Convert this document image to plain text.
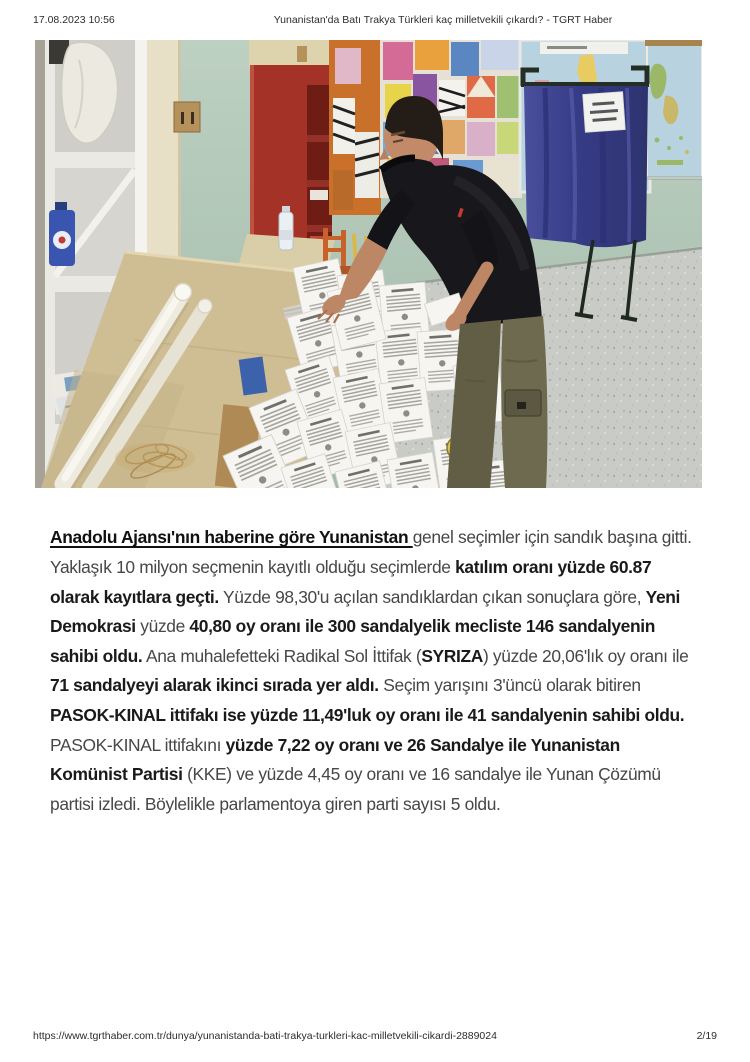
17.08.2023 10:56	Yunanistan'da Batı Trakya Türkleri kaç milletvekili çıkardı? - TGRT Haber

Anadolu Ajansı'nın haberine göre Yunanistan genel seçimler için sandık başına gitti. Yaklaşık 10 milyon seçmenin kayıtlı olduğu seçimlerde katılım oranı yüzde 60.87 olarak kayıtlara geçti. Yüzde 98,30'u açılan sandıklardan çıkan sonuçlara göre, Yeni Demokrasi yüzde 40,80 oy oranı ile 300 sandalyelik mecliste 146 sandalyenin sahibi oldu. Ana muhalefetteki Radikal Sol İttifak (SYRIZA) yüzde 20,06'lık oy oranı ile 71 sandalyeyi alarak ikinci sırada yer aldı. Seçim yarışını 3'üncü olarak bitiren PASOK-KINAL ittifakı ise yüzde 11,49'luk oy oranı ile 41 sandalyenin sahibi oldu. PASOK-KINAL ittifakını yüzde 7,22 oy oranı ve 26 Sandalye ile Yunanistan Komünist Partisi (KKE) ve yüzde 4,45 oy oranı ve 16 sandalye ile Yunan Çözümü partisi izledi. Böylelikle parlamentoya giren parti sayısı 5 oldu.

https://www.tgrthaber.com.tr/dunya/yunanistanda-bati-trakya-turkleri-kac-milletvekili-cikardi-2889024	2/19
